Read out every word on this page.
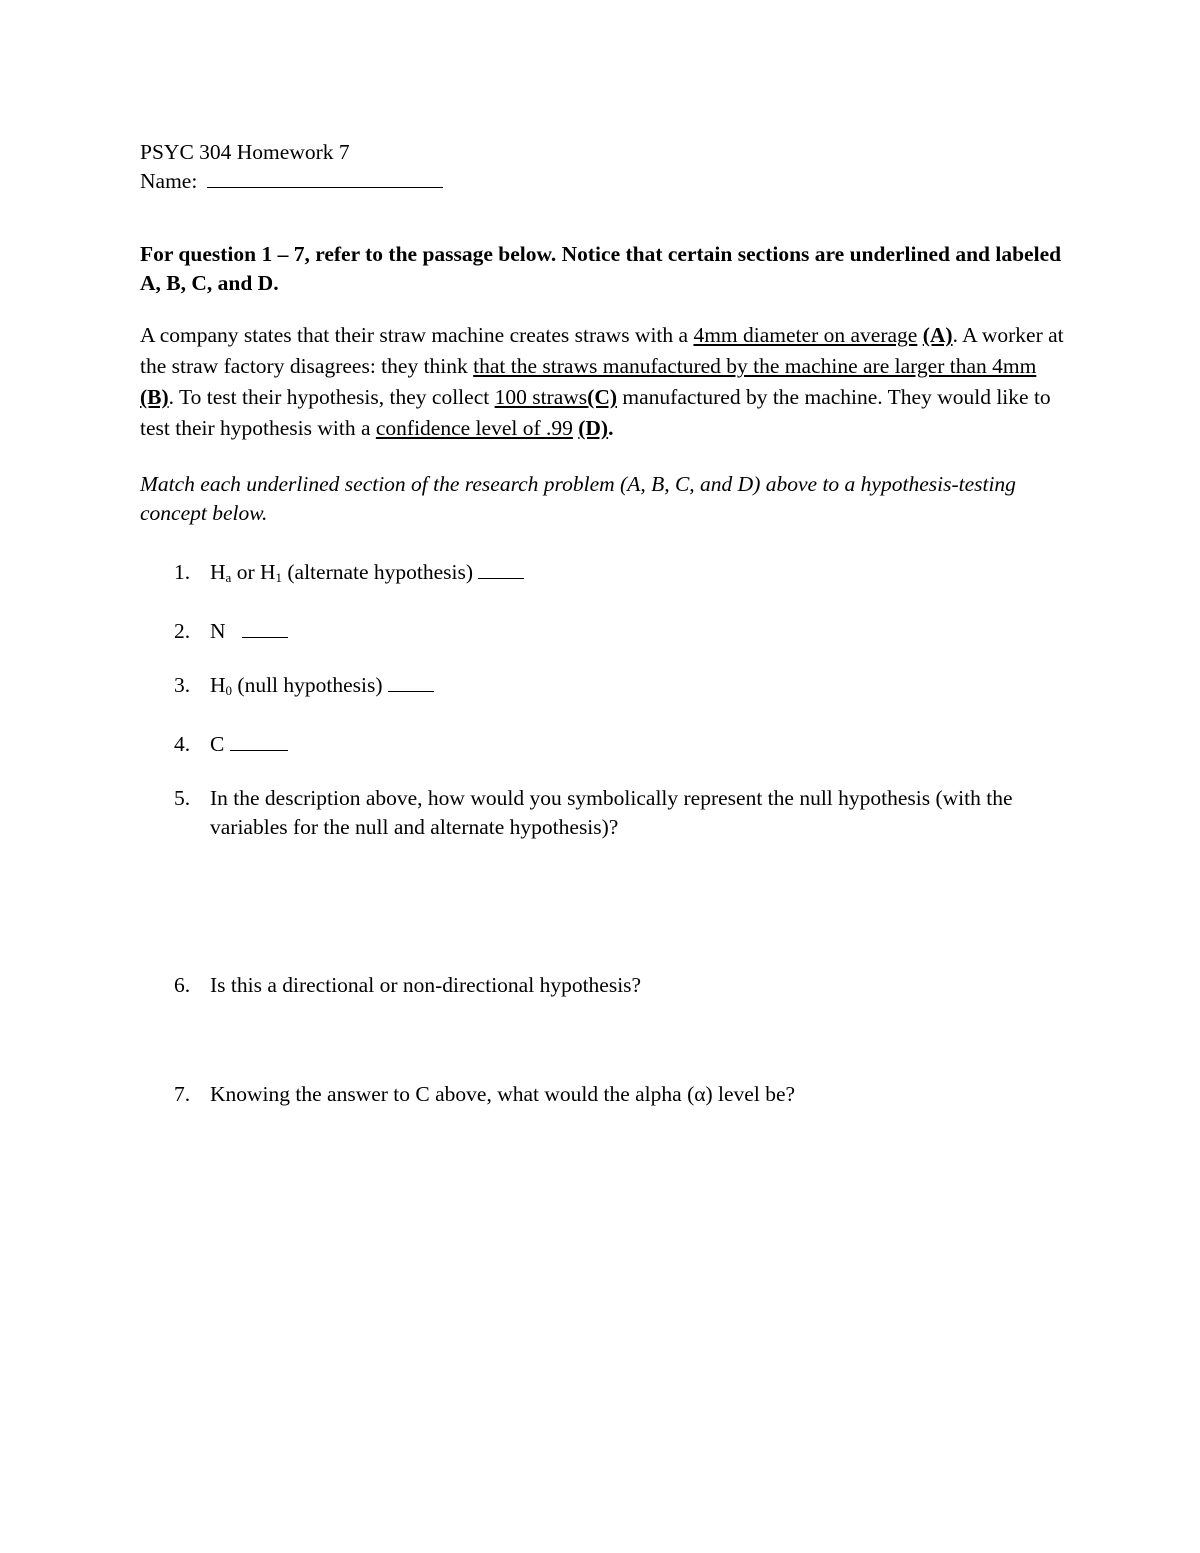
PSYC 304 Homework 7

Name:

For question 1 – 7, refer to the passage below. Notice that certain sections are underlined and labeled A, B, C, and D.
A company states that their straw machine creates straws with a 4mm diameter on average (A). A worker at the straw factory disagrees: they think that the straws manufactured by the machine are larger than 4mm (B). To test their hypothesis, they collect 100 straws(C) manufactured by the machine. They would like to test their hypothesis with a confidence level of .99 (D).
Match each underlined section of the research problem (A, B, C, and D) above to a hypothesis-testing concept below.
1. $H_a$ or $H_1$ (alternate hypothesis)
2. N
3. $H_0$ (null hypothesis)
4. C
5. In the description above, how would you symbolically represent the null hypothesis (with the variables for the null and alternate hypothesis)?
6. Is this a directional or non-directional hypothesis?
7. Knowing the answer to C above, what would the alpha (α) level be?
